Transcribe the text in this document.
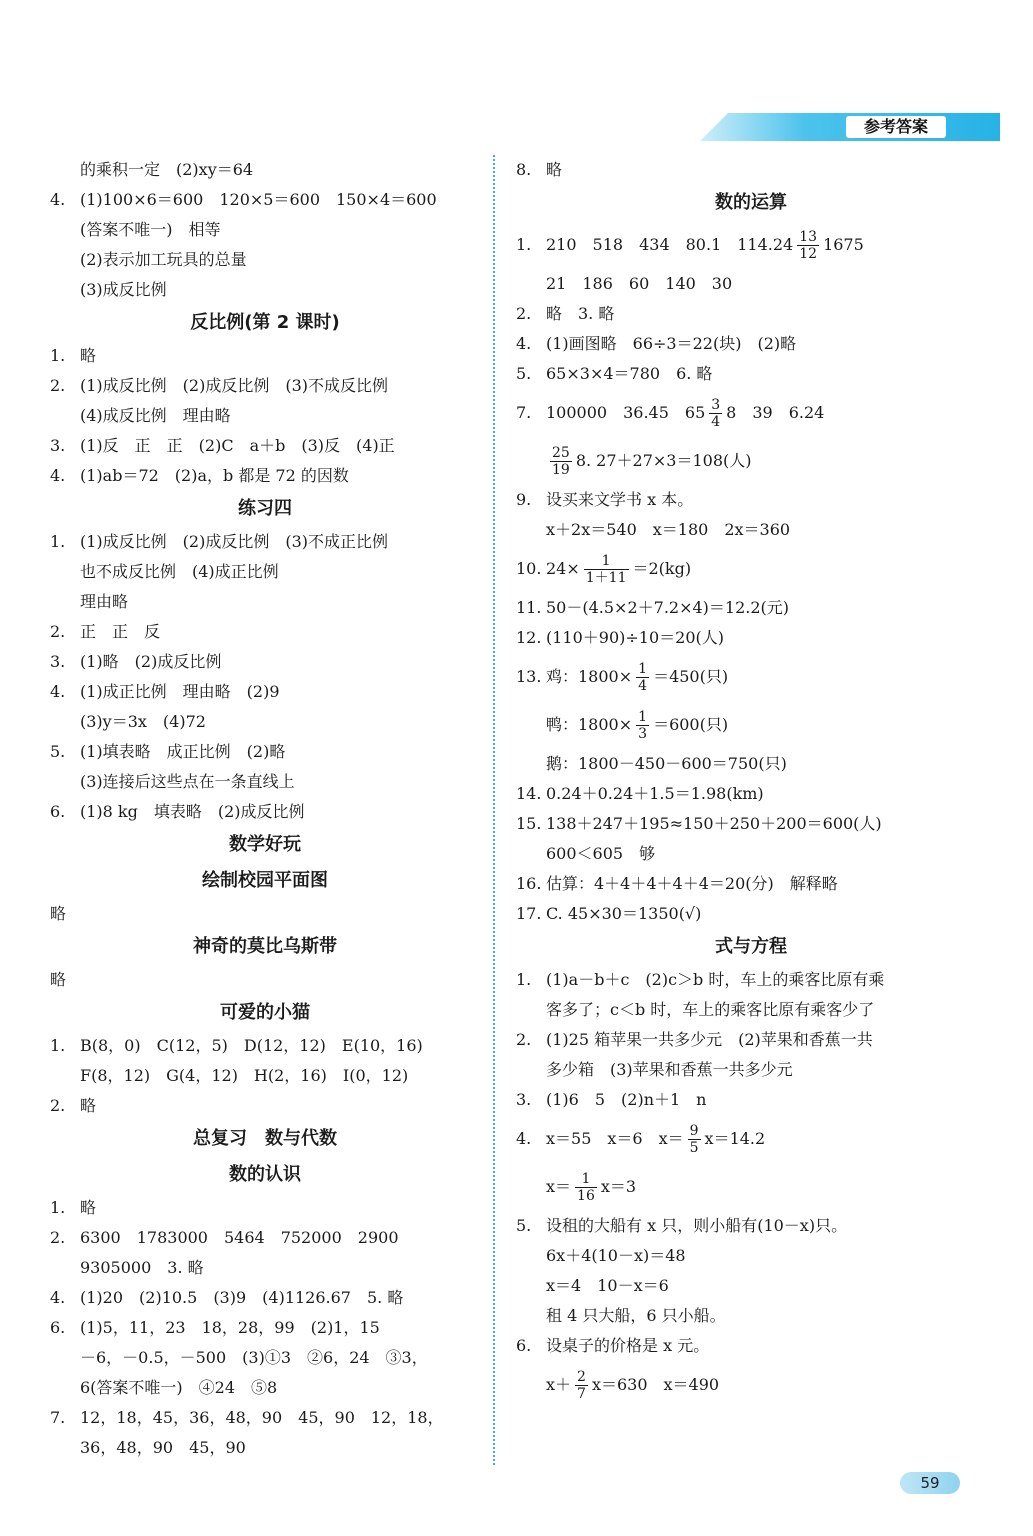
参考答案
的乘积一定　(2)xy＝64
4. (1)100×6＝600　120×5＝600　150×4＝600
(答案不唯一)　相等
(2)表示加工玩具的总量
(3)成反比例
反比例(第 2 课时)
1. 略
2. (1)成反比例　(2)成反比例　(3)不成反比例
(4)成反比例　理由略
3. (1)反　正　正　(2)C　a＋b　(3)反　(4)正
4. (1)ab＝72　(2)a，b 都是 72 的因数
练习四
1. (1)成反比例　(2)成反比例　(3)不成正比例
也不成反比例　(4)成正比例
理由略
2. 正　正　反
3. (1)略　(2)成反比例
4. (1)成正比例　理由略　(2)9
(3)y＝3x　(4)72
5. (1)填表略　成正比例　(2)略
(3)连接后这些点在一条直线上
6. (1)8 kg　填表略　(2)成反比例
数学好玩
绘制校园平面图
略
神奇的莫比乌斯带
略
可爱的小猫
1. B(8，0)　C(12，5)　D(12，12)　E(10，16)
F(8，12)　G(4，12)　H(2，16)　I(0，12)
2. 略
总复习　数与代数
数的认识
1. 略
2. 6300　1783000　5464　752000　2900
9305000　3. 略
4. (1)20　(2)10.5　(3)9　(4)1126.67　5. 略
6. (1)5，11，23　18，28，99　(2)1，15
－6，－0.5，－500　(3)①3　②6，24　③3，
6(答案不唯一)　④24　⑤8
7. 12，18，45，36，48，90　45，90　12，18，
36，48，90　45，90
8. 略
数的运算
1. 210　518　434　80.1　$114.24 \frac{13}{12} 1675$
21　186　60　140　30
2. 略　3. 略
4. (1)画图略　66÷3＝22(块)　(2)略
5. 65×3×4＝780　6. 略
7. 100000　36.45　$65 \frac{3}{4} 8$　39　6.24
$\frac{25}{19} 8$. 27＋27×3＝108(人)
9. 设买来文学书 x 本。
x＋2x＝540　x＝180　2x＝360
10. $24\times \frac{1}{1+11} =2(kg)$
11. 50－(4.5×2＋7.2×4)＝12.2(元)
12. (110＋90)÷10＝20(人)
13. 鸡：$1800\times \frac{1}{4} =450$(只)
鸭：$1800\times \frac{1}{3} =600$(只)
鹅：1800－450－600＝750(只)
14. 0.24＋0.24＋1.5＝1.98(km)
15. 138＋247＋195≈150＋250＋200＝600(人)
600＜605　够
16. 估算：4＋4＋4＋4＋4＝20(分)　解释略
17. C. 45×30＝1350(√)
式与方程
1. (1)a－b＋c　(2)c＞b 时，车上的乘客比原有乘
客多了；c＜b 时，车上的乘客比原有乘客少了
2. (1)25 箱苹果一共多少元　(2)苹果和香蕉一共
多少箱　(3)苹果和香蕉一共多少元
3. (1)6　5　(2)n＋1　n
4. x＝55　x＝6　$x= \frac{9}{5} x=14.2$
$x= \frac{1}{16} x=3$
5. 设租的大船有 x 只，则小船有(10－x)只。
6x＋4(10－x)＝48
x＝4　10－x＝6
租 4 只大船，6 只小船。
6. 设桌子的价格是 x 元。
$x+ \frac{2}{7} x=630$　x＝490
59
